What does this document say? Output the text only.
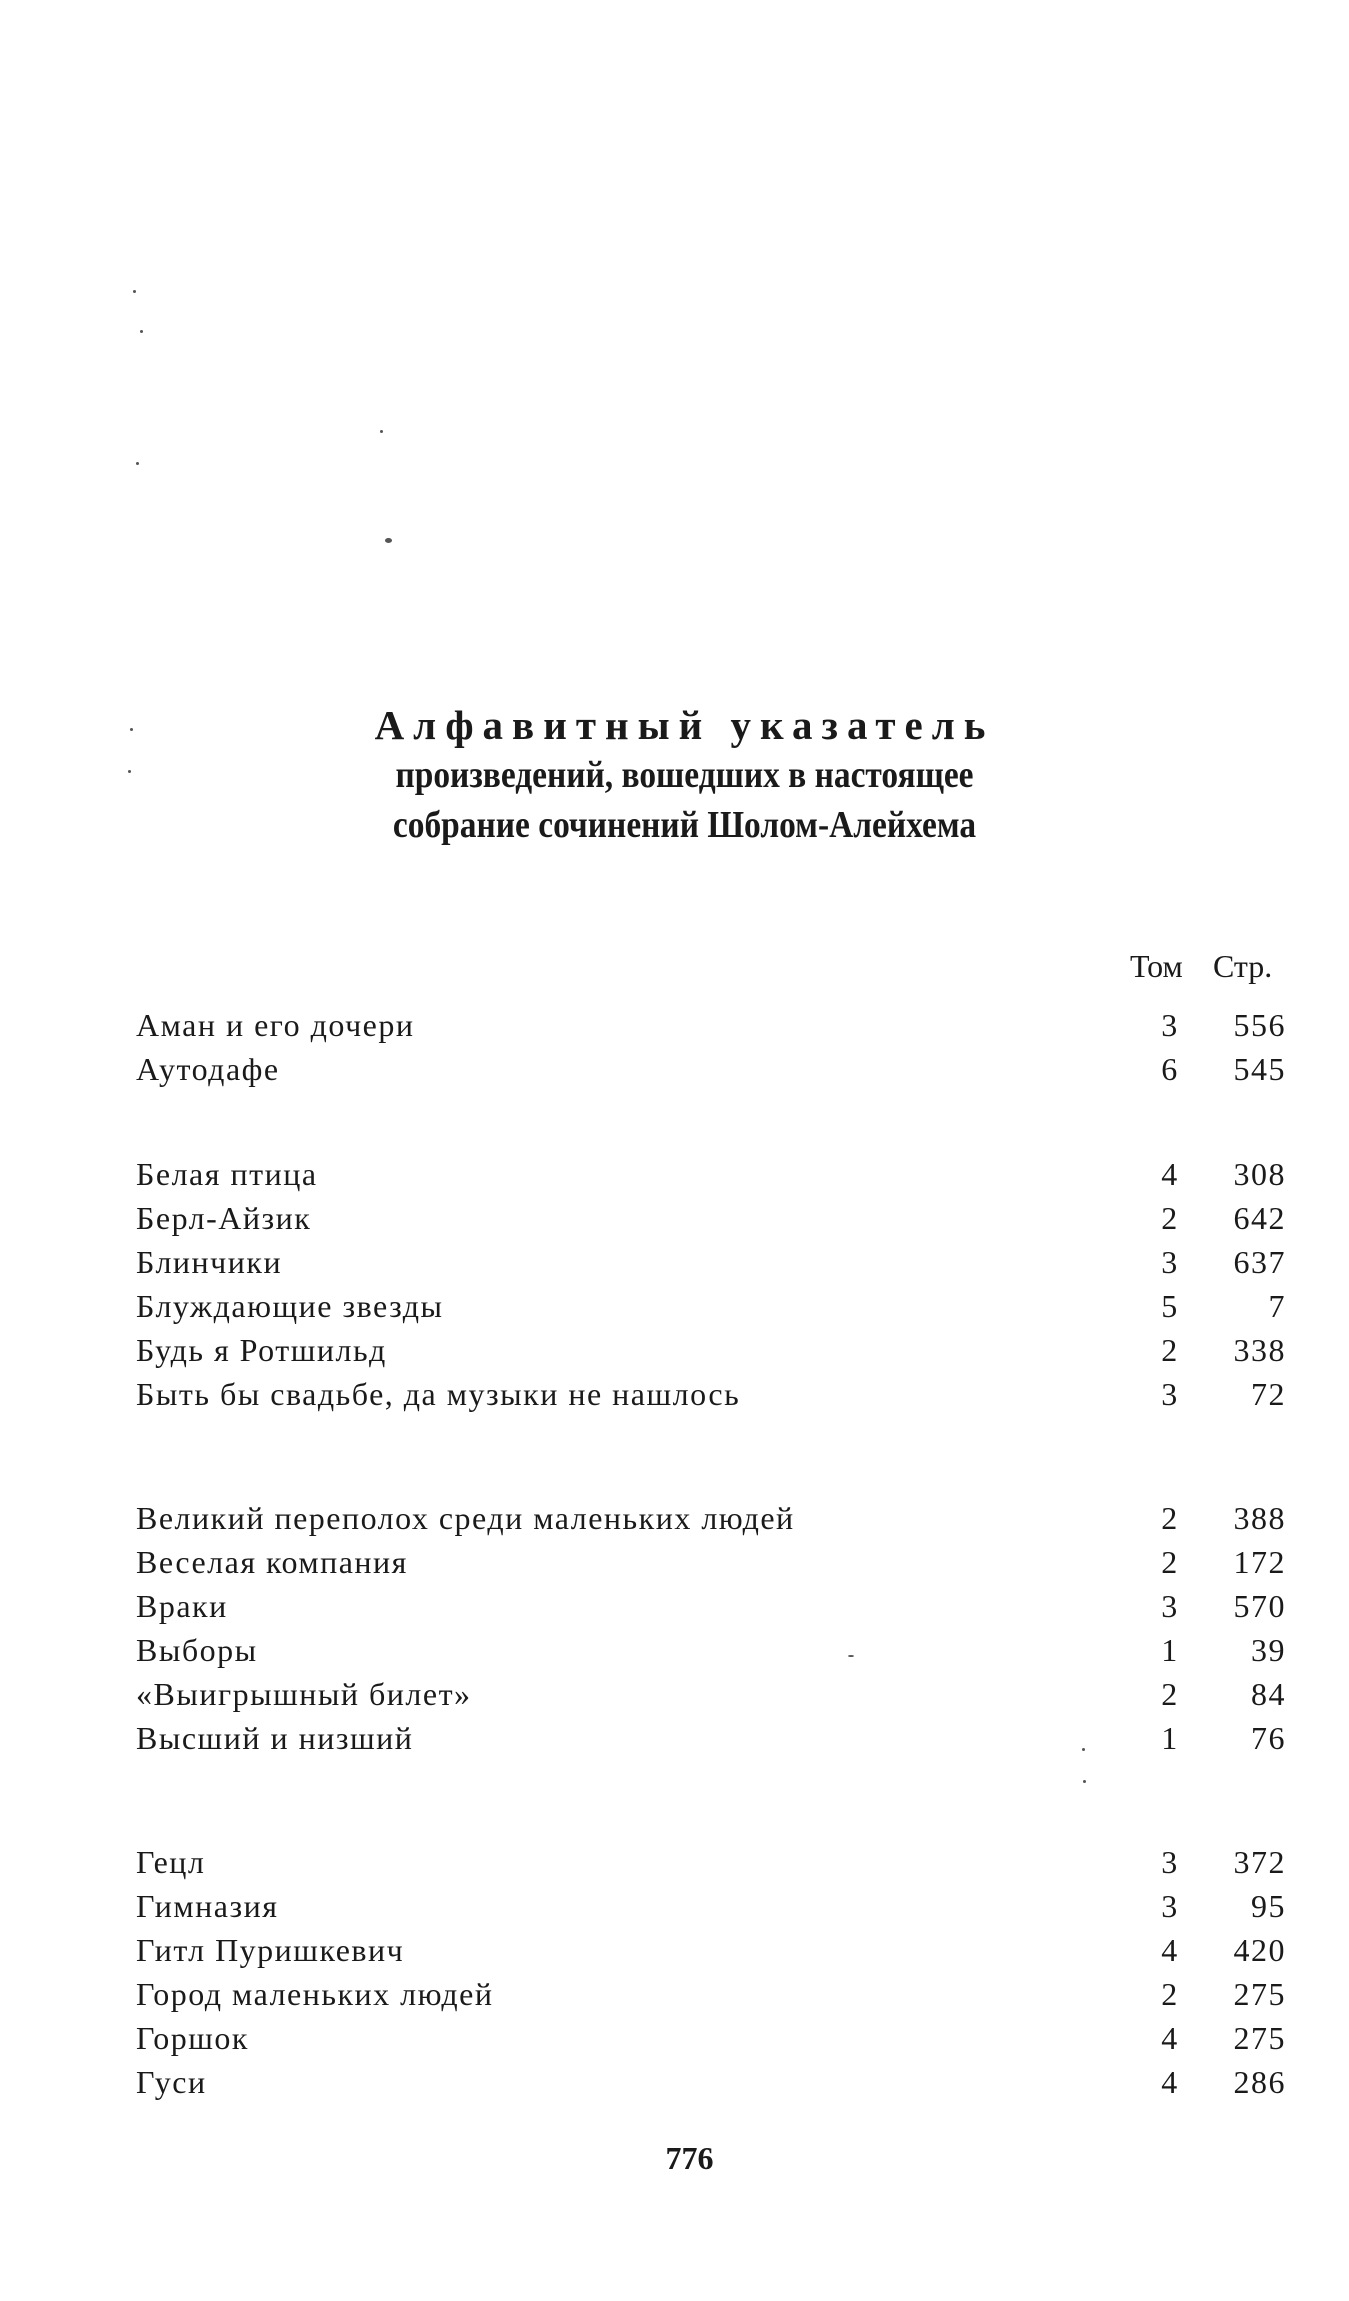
Алфавитный указатель
произведений, вошедших в настоящее
собрание сочинений Шолом-Алейхема
Том Стр.
Аман и его дочери	3	556
Аутодафе	6	545
Белая птица	4	308
Берл-Айзик	2	642
Блинчики	3	637
Блуждающие звезды	5	7
Будь я Ротшильд	2	338
Быть бы свадьбе, да музыки не нашлось	3	72
Великий переполох среди маленьких людей	2	388
Веселая компания	2	172
Враки	3	570
Выборы	1	39
«Выигрышный билет»	2	84
Высший и низший	1	76
Гецл	3	372
Гимназия	3	95
Гитл Пуришкевич	4	420
Город маленьких людей	2	275
Горшок	4	275
Гуси	4	286
776
